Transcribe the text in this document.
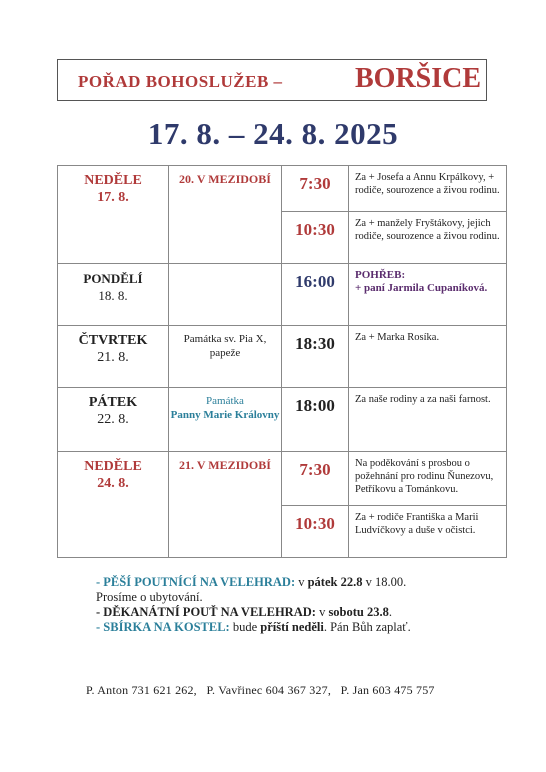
POŘAD BOHOSLUŽEB –	BORŠICE
17. 8. – 24. 8. 2025
NEDĚLE
17. 8.	20. V MEZIDOBÍ	7:30	Za + Josefa a Annu Krpálkovy, + rodiče, sourozence a živou rodinu.

		10:30	Za + manžely Fryštákovy, jejich rodiče, sourozence a živou rodinu.

PONDĚLÍ
18. 8.		16:00	POHŘEB:
+ paní Jarmila Cupaníková.

ČTVRTEK
21. 8.	Památka sv. Pia X,
papeže	18:30	Za + Marka Rosíka.

PÁTEK
22. 8.	Památka
Panny Marie Královny	18:00	Za naše rodiny a za naši farnost.

NEDĚLE
24. 8.	21. V MEZIDOBÍ	7:30	Na poděkování s prosbou o požehnání pro rodinu Ňunezovu, Petříkovu a Tománkovu.

		10:30	Za + rodiče Františka a Marii Ludvíčkovy a duše v očistci.
- PĚŠÍ POUTNÍCÍ NA VELEHRAD: v pátek 22.8 v 18.00.
Prosíme o ubytování.
- DĚKANÁTNÍ POUŤ NA VELEHRAD: v sobotu 23.8.
- SBÍRKA NA KOSTEL: bude příští neděli. Pán Bůh zaplať.
P. Anton 731 621 262,   P. Vavřinec 604 367 327,   P. Jan 603 475 757
